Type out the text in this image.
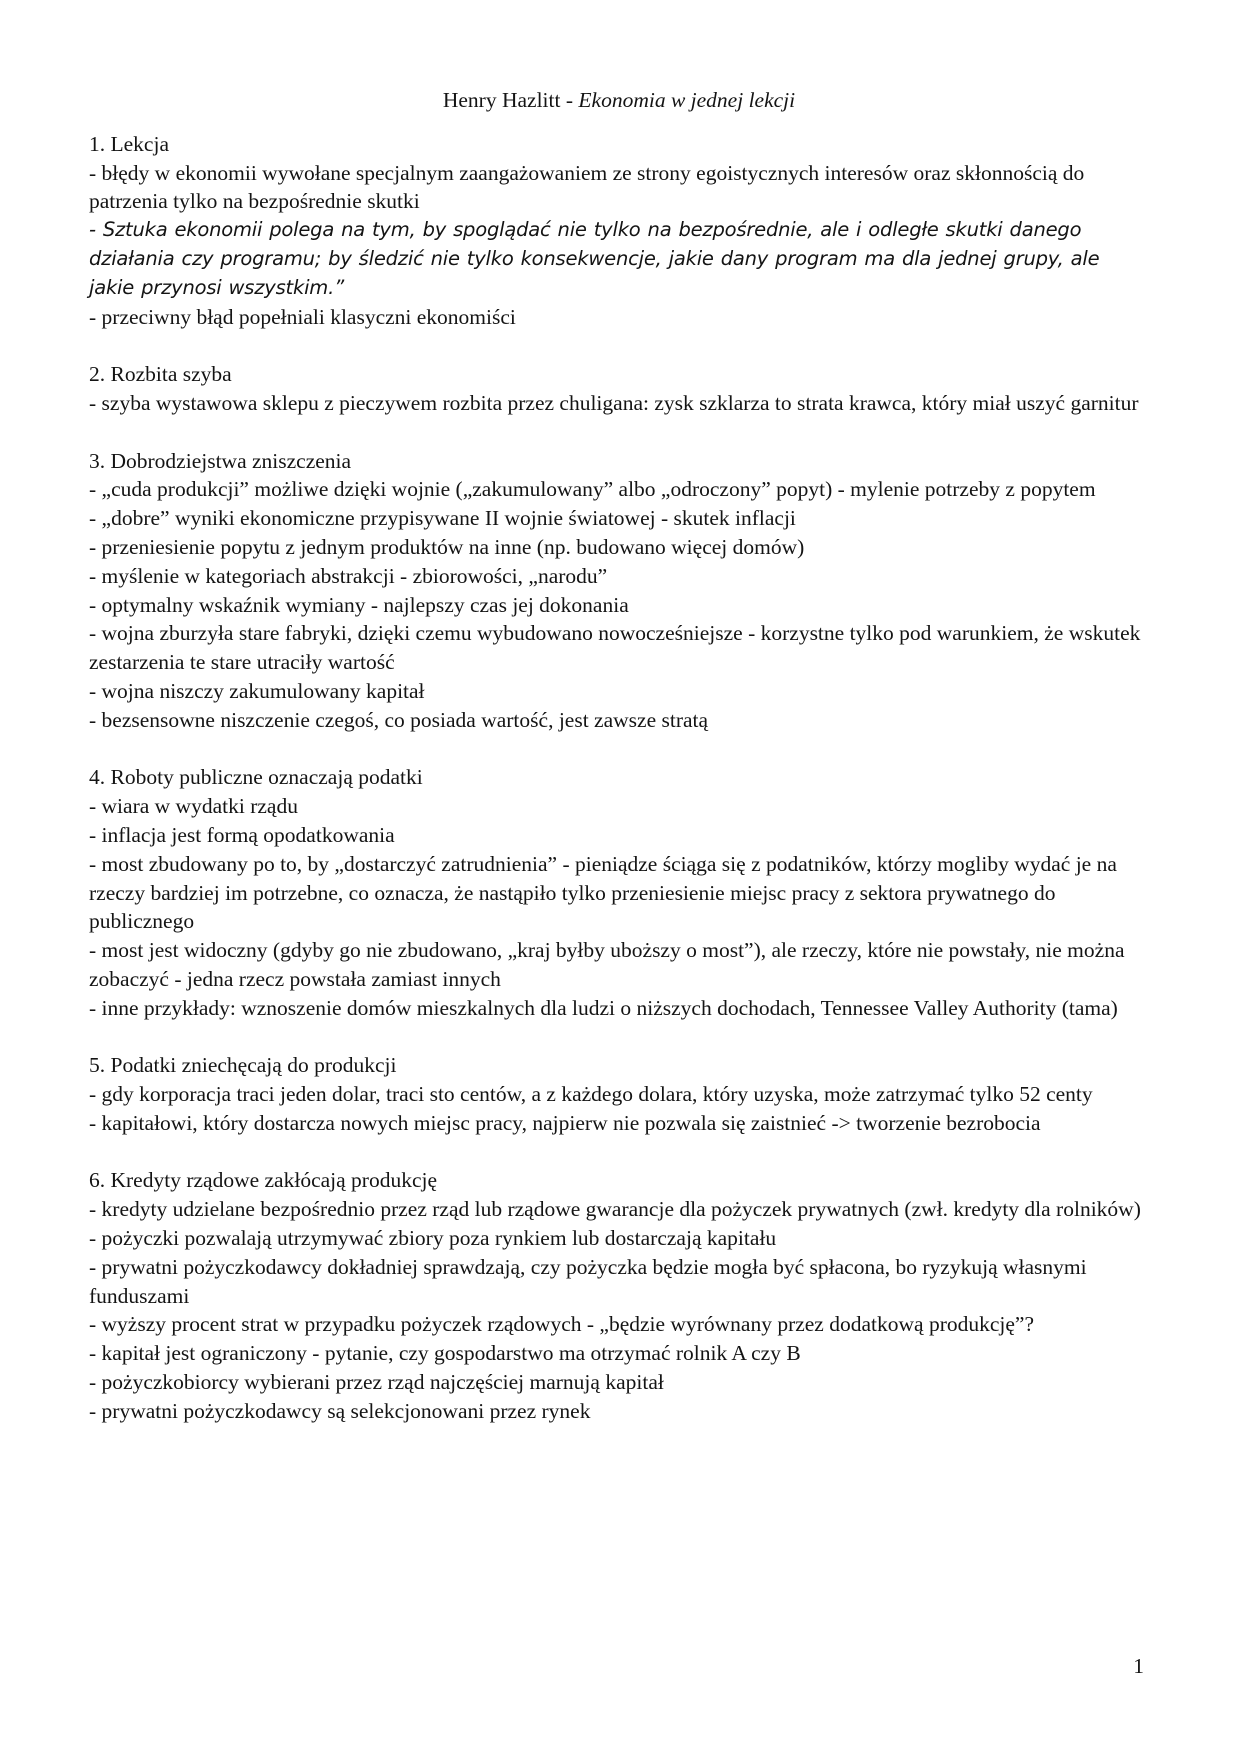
Henry Hazlitt - Ekonomia w jednej lekcji
1. Lekcja

- błędy w ekonomii wywołane specjalnym zaangażowaniem ze strony egoistycznych interesów oraz skłonnością do patrzenia tylko na bezpośrednie skutki

- Sztuka ekonomii polega na tym, by spoglądać nie tylko na bezpośrednie, ale i odległe skutki danego działania czy programu; by śledzić nie tylko konsekwencje, jakie dany program ma dla jednej grupy, ale jakie przynosi wszystkim.”

- przeciwny błąd popełniali klasyczni ekonomiści

2. Rozbita szyba

- szyba wystawowa sklepu z pieczywem rozbita przez chuligana: zysk szklarza to strata krawca, który miał uszyć garnitur

3. Dobrodziejstwa zniszczenia

- „cuda produkcji” możliwe dzięki wojnie („zakumulowany” albo „odroczony” popyt) - mylenie potrzeby z popytem

- „dobre” wyniki ekonomiczne przypisywane II wojnie światowej - skutek inflacji

- przeniesienie popytu z jednym produktów na inne (np. budowano więcej domów)

- myślenie w kategoriach abstrakcji - zbiorowości, „narodu”

- optymalny wskaźnik wymiany - najlepszy czas jej dokonania

- wojna zburzyła stare fabryki, dzięki czemu wybudowano nowocześniejsze - korzystne tylko pod warunkiem, że wskutek zestarzenia te stare utraciły wartość

- wojna niszczy zakumulowany kapitał

- bezsensowne niszczenie czegoś, co posiada wartość, jest zawsze stratą

4. Roboty publiczne oznaczają podatki

- wiara w wydatki rządu

- inflacja jest formą opodatkowania

- most zbudowany po to, by „dostarczyć zatrudnienia” - pieniądze ściąga się z podatników, którzy mogliby wydać je na rzeczy bardziej im potrzebne, co oznacza, że nastąpiło tylko przeniesienie miejsc pracy z sektora prywatnego do publicznego

- most jest widoczny (gdyby go nie zbudowano, „kraj byłby uboższy o most”), ale rzeczy, które nie powstały, nie można zobaczyć - jedna rzecz powstała zamiast innych

- inne przykłady: wznoszenie domów mieszkalnych dla ludzi o niższych dochodach, Tennessee Valley Authority (tama)

5. Podatki zniechęcają do produkcji

- gdy korporacja traci jeden dolar, traci sto centów, a z każdego dolara, który uzyska, może zatrzymać tylko 52 centy

- kapitałowi, który dostarcza nowych miejsc pracy, najpierw nie pozwala się zaistnieć -> tworzenie bezrobocia

6. Kredyty rządowe zakłócają produkcję

- kredyty udzielane bezpośrednio przez rząd lub rządowe gwarancje dla pożyczek prywatnych (zwł. kredyty dla rolników)

- pożyczki pozwalają utrzymywać zbiory poza rynkiem lub dostarczają kapitału

- prywatni pożyczkodawcy dokładniej sprawdzają, czy pożyczka będzie mogła być spłacona, bo ryzykują własnymi funduszami

- wyższy procent strat w przypadku pożyczek rządowych - „będzie wyrównany przez dodatkową produkcję”?

- kapitał jest ograniczony - pytanie, czy gospodarstwo ma otrzymać rolnik A czy B

- pożyczkobiorcy wybierani przez rząd najczęściej marnują kapitał

- prywatni pożyczkodawcy są selekcjonowani przez rynek

1
